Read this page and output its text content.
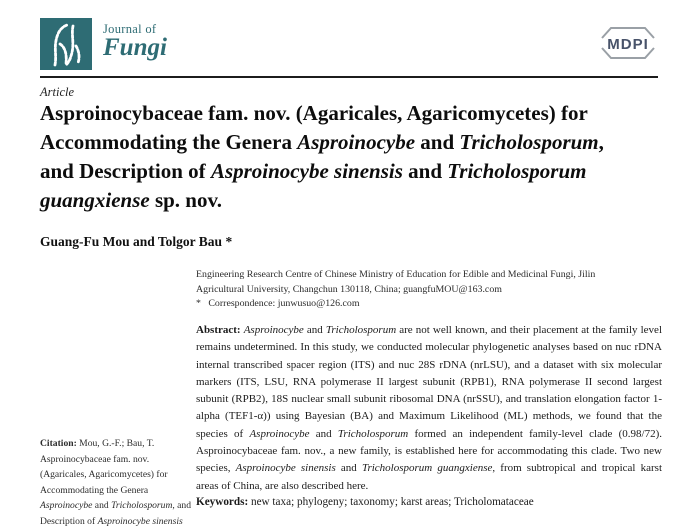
Journal of
Fungi	MDPI
Article
Asproinocybaceae fam. nov. (Agaricales, Agaricomycetes) for
Accommodating the Genera Asproinocybe and Tricholosporum,
and Description of Asproinocybe sinensis and Tricholosporum
guangxiense sp. nov.
Guang-Fu Mou and Tolgor Bau *
Citation: Mou, G.-F.; Bau, T.
Asproinocybaceae fam. nov.
(Agaricales, Agaricomycetes) for
Accommodating the Genera
Asproinocybe and Tricholosporum, and
Description of Asproinocybe sinensis
Engineering Research Centre of Chinese Ministry of Education for Edible and Medicinal Fungi, Jilin
Agricultural University, Changchun 130118, China; guangfuMOU@163.com
*   Correspondence: junwusuo@126.com

Abstract: Asproinocybe and Tricholosporum are not well known, and their placement at the family level remains undetermined. In this study, we conducted molecular phylogenetic analyses based on nuc rDNA internal transcribed spacer region (ITS) and nuc 28S rDNA (nrLSU), and a dataset with six molecular markers (ITS, LSU, RNA polymerase II largest subunit (RPB1), RNA polymerase II second largest subunit (RPB2), 18S nuclear small subunit ribosomal DNA (nrSSU), and translation elongation factor 1-alpha (TEF1-α)) using Bayesian (BA) and Maximum Likelihood (ML) methods, we found that the species of Asproinocybe and Tricholosporum formed an independent family-level clade (0.98/72). Asproinocybaceae fam. nov., a new family, is established here for accommodating this clade. Two new species, Asproinocybe sinensis and Tricholosporum guangxiense, from subtropical and tropical karst areas of China, are also described here.

Keywords: new taxa; phylogeny; taxonomy; karst areas; Tricholomataceae
